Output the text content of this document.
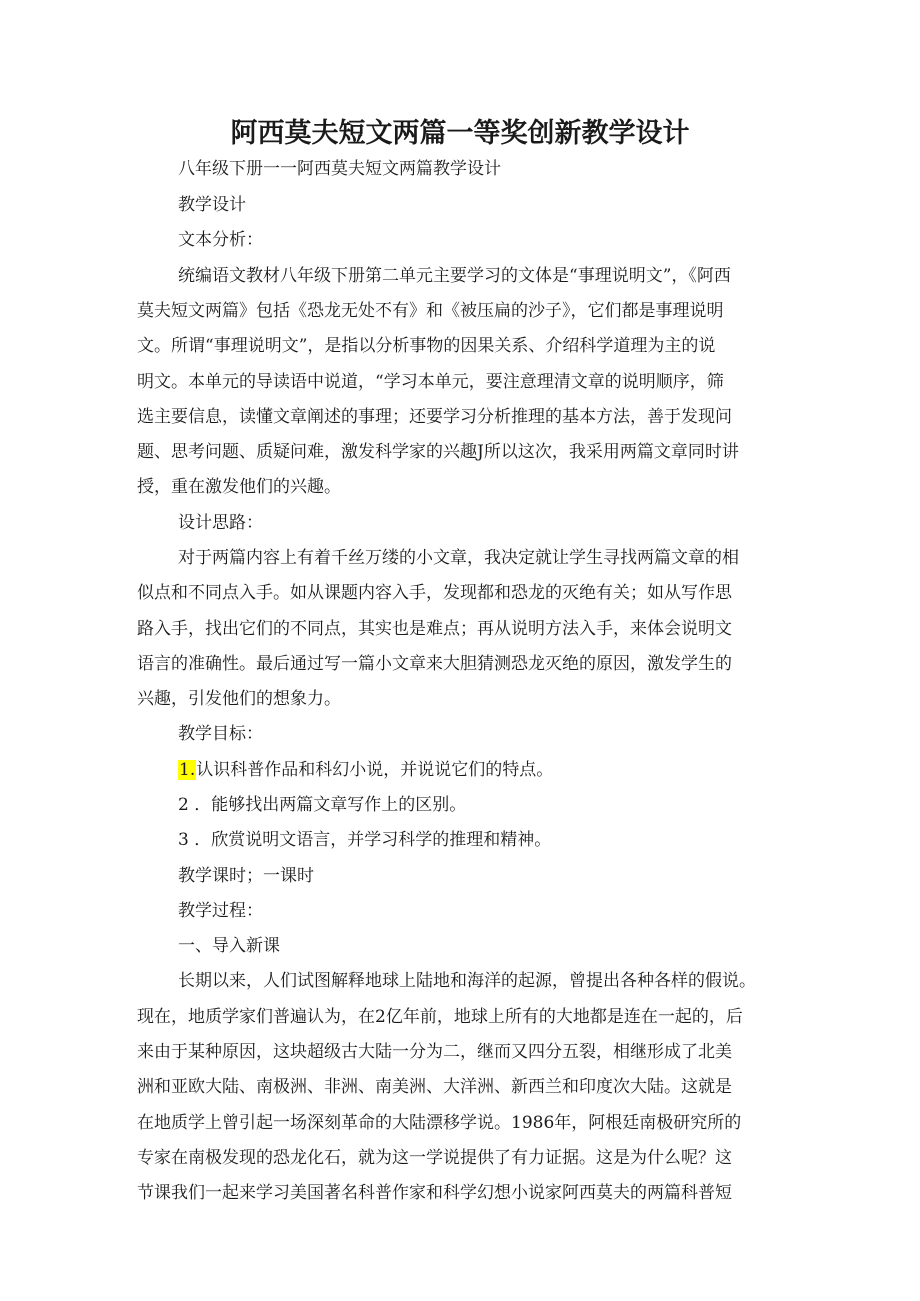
阿西莫夫短文两篇一等奖创新教学设计

八年级下册一一阿西莫夫短文两篇教学设计

教学设计

文本分析：

统编语文教材八年级下册第二单元主要学习的文体是“事理说明文”，《阿西

莫夫短文两篇》包括《恐龙无处不有》和《被压扁的沙子》，它们都是事理说明

文。所谓“事理说明文”，是指以分析事物的因果关系、介绍科学道理为主的说

明文。本单元的导读语中说道，“学习本单元，要注意理清文章的说明顺序，筛

选主要信息，读懂文章阐述的事理；还要学习分析推理的基本方法，善于发现问

题、思考问题、质疑问难，激发科学家的兴趣J所以这次，我采用两篇文章同时讲

授，重在激发他们的兴趣。

设计思路：

对于两篇内容上有着千丝万缕的小文章，我决定就让学生寻找两篇文章的相

似点和不同点入手。如从课题内容入手，发现都和恐龙的灭绝有关；如从写作思

路入手，找出它们的不同点，其实也是难点；再从说明方法入手，来体会说明文

语言的准确性。最后通过写一篇小文章来大胆猜测恐龙灭绝的原因，激发学生的

兴趣，引发他们的想象力。

教学目标：

1.认识科普作品和科幻小说，并说说它们的特点。

2 ．能够找出两篇文章写作上的区别。

3 ．欣赏说明文语言，并学习科学的推理和精神。

教学课时；一课时

教学过程：

一、导入新课

长期以来，人们试图解释地球上陆地和海洋的起源，曾提出各种各样的假说。

现在，地质学家们普遍认为，在2亿年前，地球上所有的大地都是连在一起的，后

来由于某种原因，这块超级古大陆一分为二，继而又四分五裂，相继形成了北美

洲和亚欧大陆、南极洲、非洲、南美洲、大洋洲、新西兰和印度次大陆。这就是

在地质学上曾引起一场深刻革命的大陆漂移学说。1986年，阿根廷南极研究所的

专家在南极发现的恐龙化石，就为这一学说提供了有力证据。这是为什么呢？这

节课我们一起来学习美国著名科普作家和科学幻想小说家阿西莫夫的两篇科普短
